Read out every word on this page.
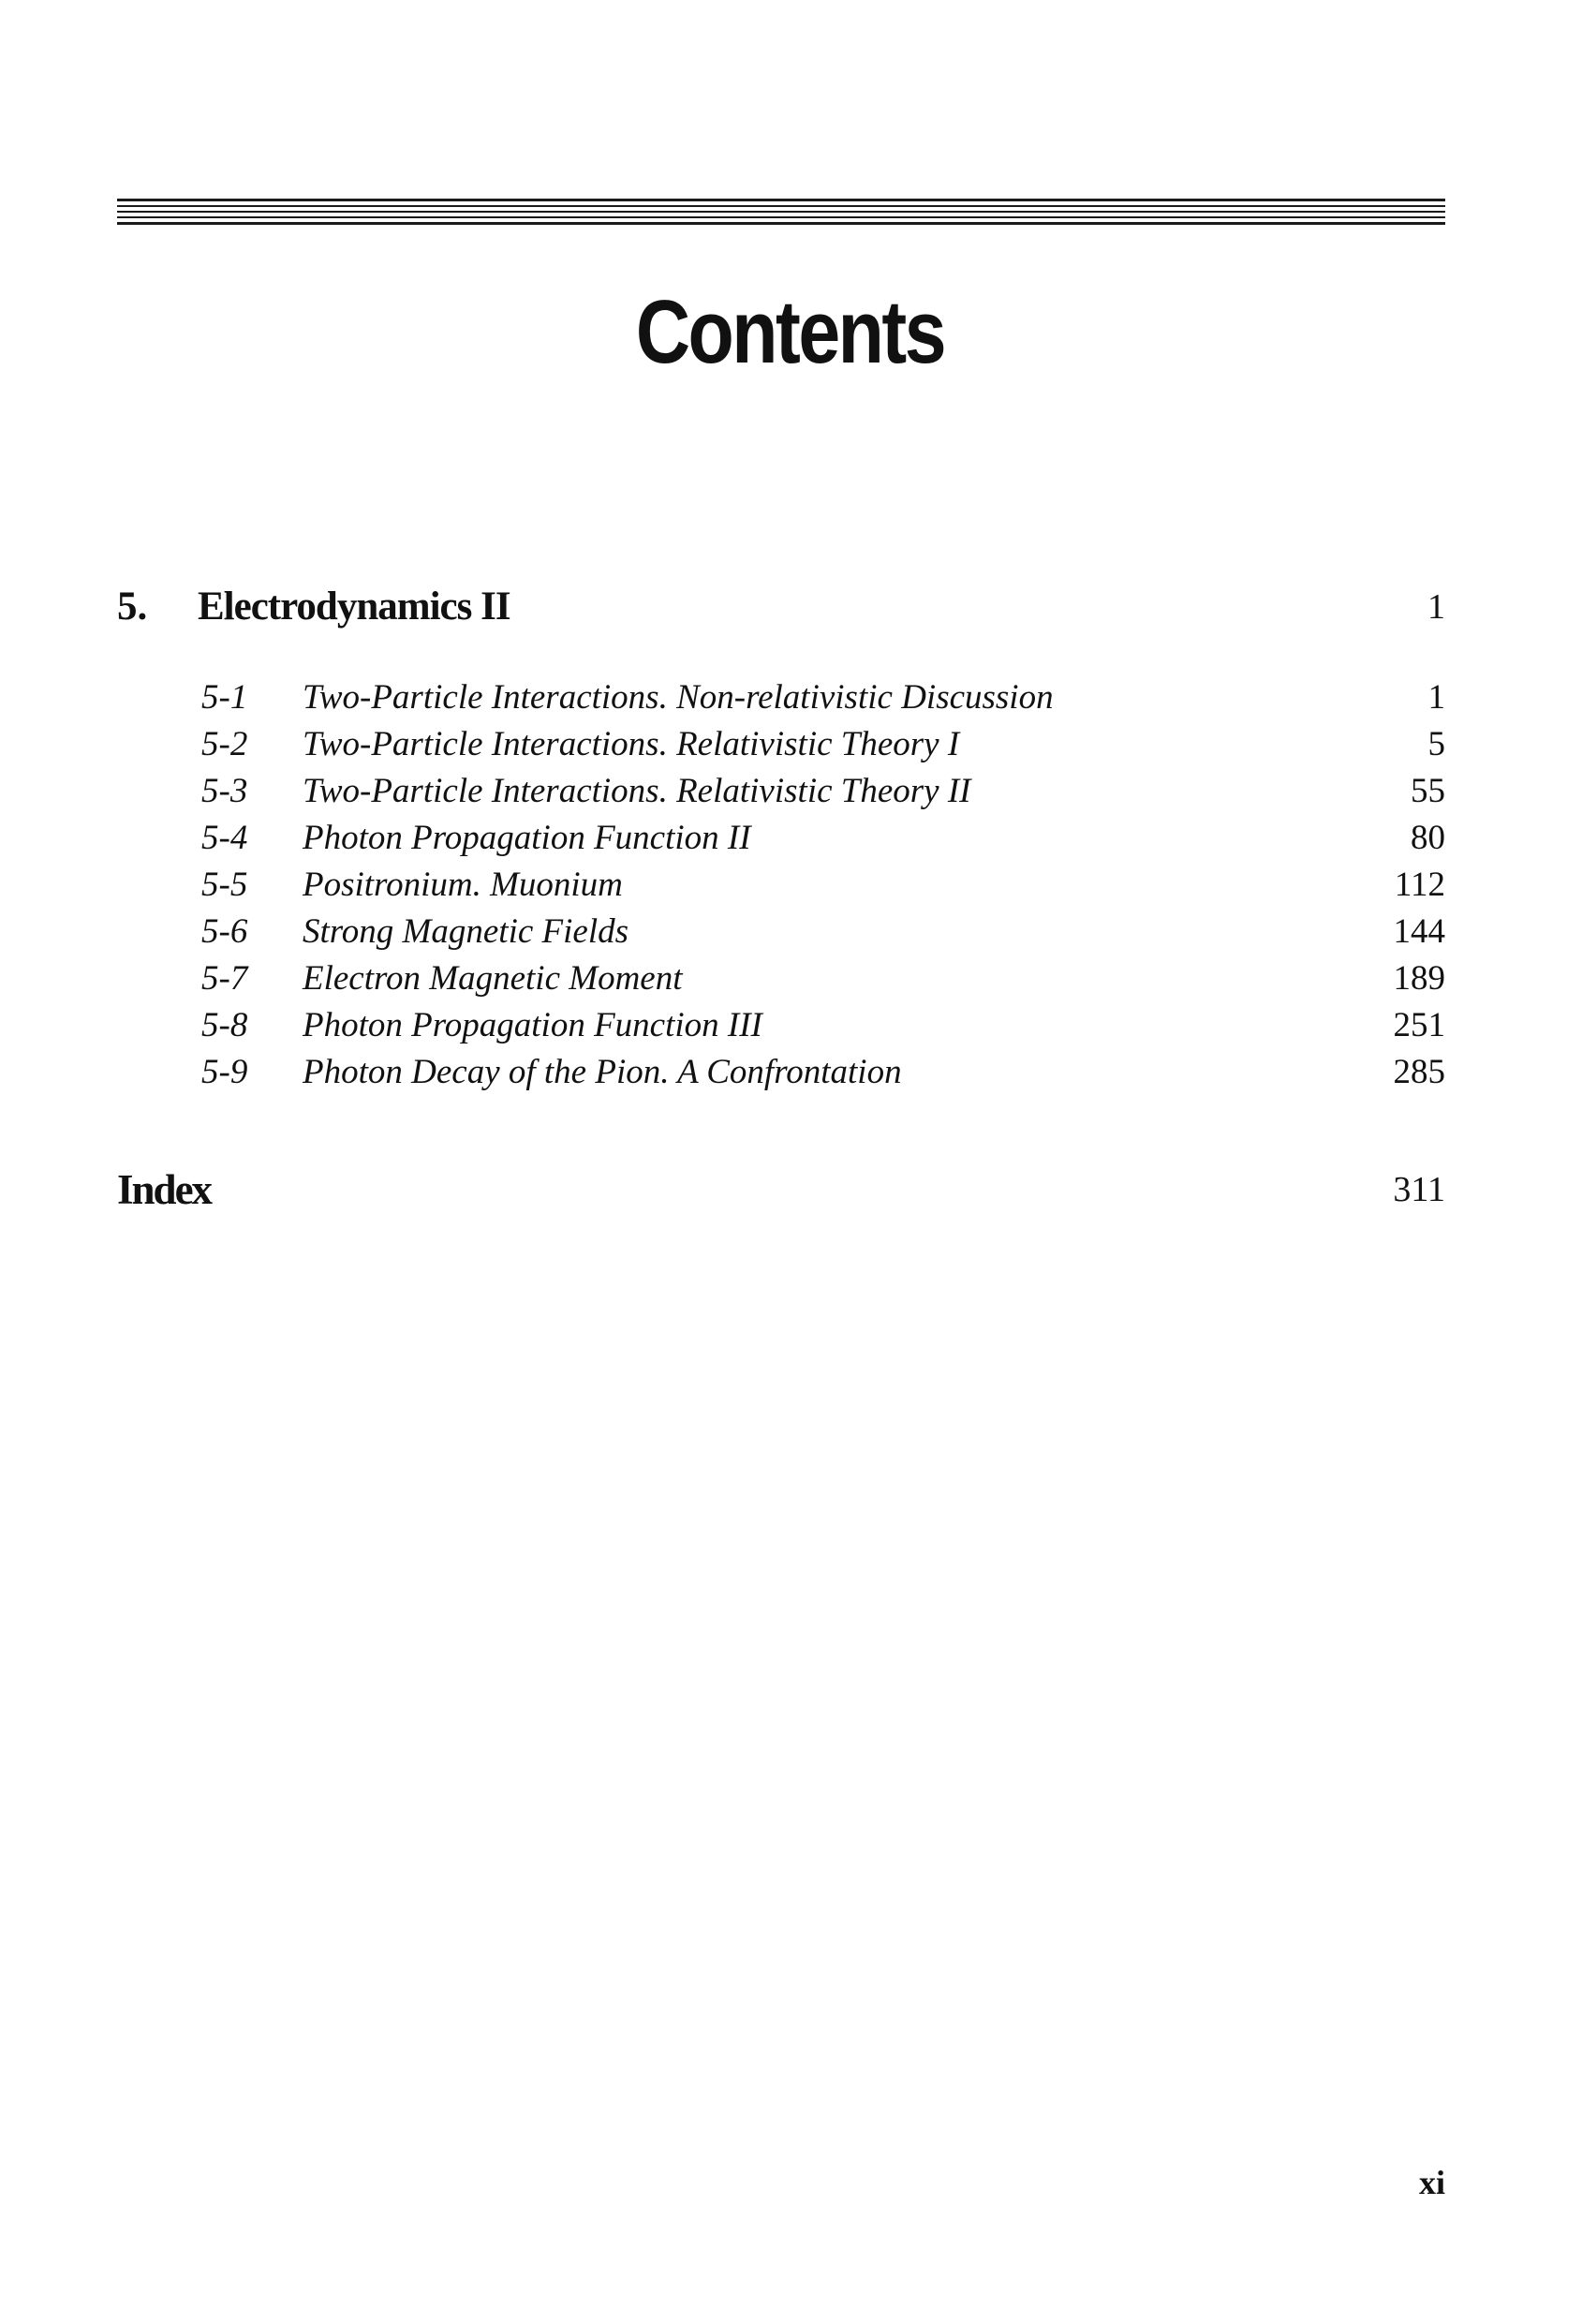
Contents
5. Electrodynamics II	1
5-1 Two-Particle Interactions. Non-relativistic Discussion	1
5-2 Two-Particle Interactions. Relativistic Theory I	5
5-3 Two-Particle Interactions. Relativistic Theory II	55
5-4 Photon Propagation Function II	80
5-5 Positronium. Muonium	112
5-6 Strong Magnetic Fields	144
5-7 Electron Magnetic Moment	189
5-8 Photon Propagation Function III	251
5-9 Photon Decay of the Pion. A Confrontation	285
Index	311
xi
